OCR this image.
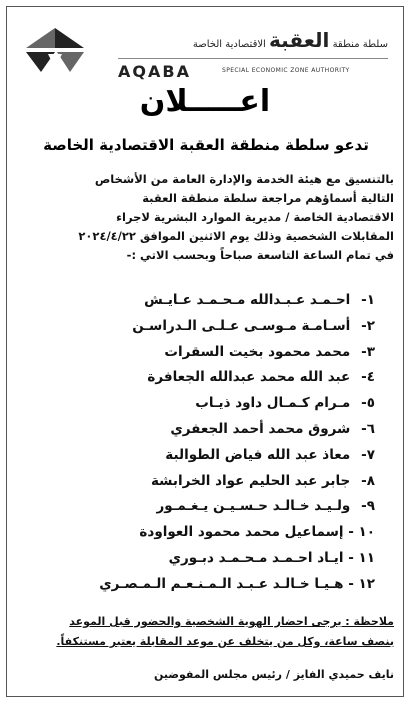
سلطة منطقة العقبة الاقتصادية الخاصة
AQABA	SPECIAL ECONOMIC ZONE AUTHORITY
اعـــــلان
تدعو سلطة منطقة العقبة الاقتصادية الخاصة
بالتنسيق مع هيئة الخدمة والإدارة العامة من الأشخاص
التالية أسماؤهم مراجعة سلطة منطقة العقبة
الاقتصادية الخاصة / مديرية الموارد البشرية لاجراء
المقابلات الشخصية وذلك يوم الاثنين الموافق ٢٠٢٤/٤/٢٢
في تمام الساعة التاسعة صباحاً وبحسب الاتي :-
١- احـمـد عـبـدالله مـحـمـد عـايـش
٢- أسـامـة مـوسـى عـلـى الـدراسـن
٣- محمد محمود بخيت السقرات
٤- عبد الله محمد عبدالله الجعافرة
٥- مـرام كـمـال داود ذيـاب
٦- شروق محمد أحمد الجعفري
٧- معاذ عبد الله فياض الطوالبة
٨- جابر عبد الحليم عواد الخرابشة
٩- ولـيـد خـالـد حـسـيـن يـغـمـور
١٠ - إسماعيل محمد محمود العواودة
١١ - ايـاد احـمـد مـحـمـد دبـوري
١٢ - هـيـا خـالـد عـبـد الـمـنـعـم الـمـصـري
ملاحظة : يرجى احضار الهوية الشخصية والحضور قبل الموعد
بنصف ساعة، وكل من يتخلف عن موعد المقابلة يعتبر مستنكفاً.
نايف حميدي الفايز / رئيس مجلس المفوضين
